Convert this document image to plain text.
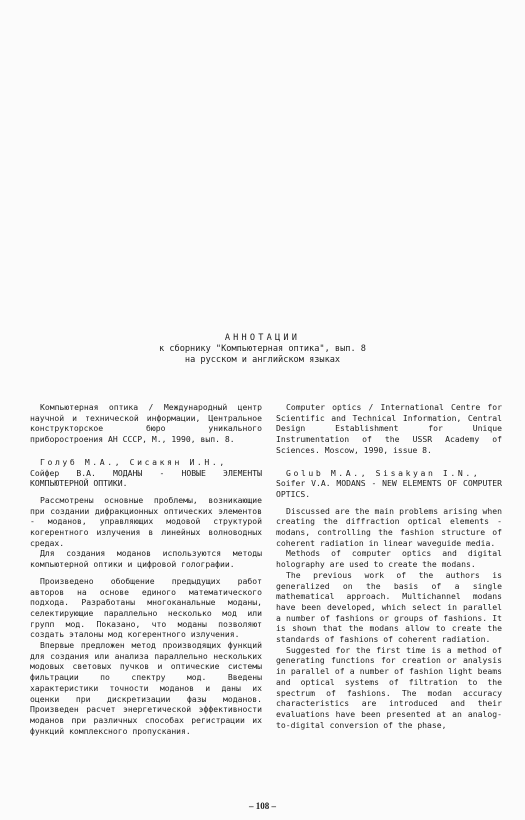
АННОТАЦИИ
к сборнику "Компьютерная оптика", вып. 8
на русском и английском языках

Компьютерная оптика / Международный центр научной и технической информации, Центральное конструкторское бюро уникального приборостроения АН СССР, М., 1990, вып. 8.

Голуб М.А., Сисакян И.Н.,

Сойфер В.А. МОДАНЫ - НОВЫЕ ЭЛЕМЕНТЫ КОМПЬЮТЕРНОЙ ОПТИКИ.

Рассмотрены основные проблемы, возникающие при создании дифракционных оптических элементов - моданов, управляющих модовой структурой когерентного излучения в линейных волноводных средах.

Для создания моданов используются методы компьютерной оптики и цифровой голографии.

Произведено обобщение предыдущих работ авторов на основе единого математического подхода. Разработаны многоканальные моданы, селектирующие параллельно несколько мод или групп мод. Показано, что моданы позволяют создать эталоны мод когерентного излучения.

Впервые предложен метод производящих функций для создания или анализа параллельно нескольких модовых световых пучков и оптические системы фильтрации по спектру мод. Введены характеристики точности моданов и даны их оценки при дискретизации фазы моданов. Произведен расчет энергетической эффективности моданов при различных способах регистрации их функций комплексного пропускания.

Computer optics / International Centre for Scientific and Technical Information, Central Design Establishment for Unique Instrumentation of the USSR Academy of Sciences. Moscow, 1990, issue 8.

Golub M.A., Sisakyan I.N.,

Soifer V.A. MODANS - NEW ELEMENTS OF COMPUTER OPTICS.

Discussed are the main problems arising when creating the diffraction optical elements - modans, controlling the fashion structure of coherent radiation in linear waveguide media.

Methods of computer optics and digital holography are used to create the modans.

The previous work of the authors is generalized on the basis of a single mathematical approach. Multichannel modans have been developed, which select in parallel a number of fashions or groups of fashions. It is shown that the modans allow to create the standards of fashions of coherent radiation.

Suggested for the first time is a method of generating functions for creation or analysis in parallel of a number of fashion light beams and optical systems of filtration to the spectrum of fashions. The modan accuracy characteristics are introduced and their evaluations have been presented at an analog-to-digital conversion of the phase,

– 108 –
